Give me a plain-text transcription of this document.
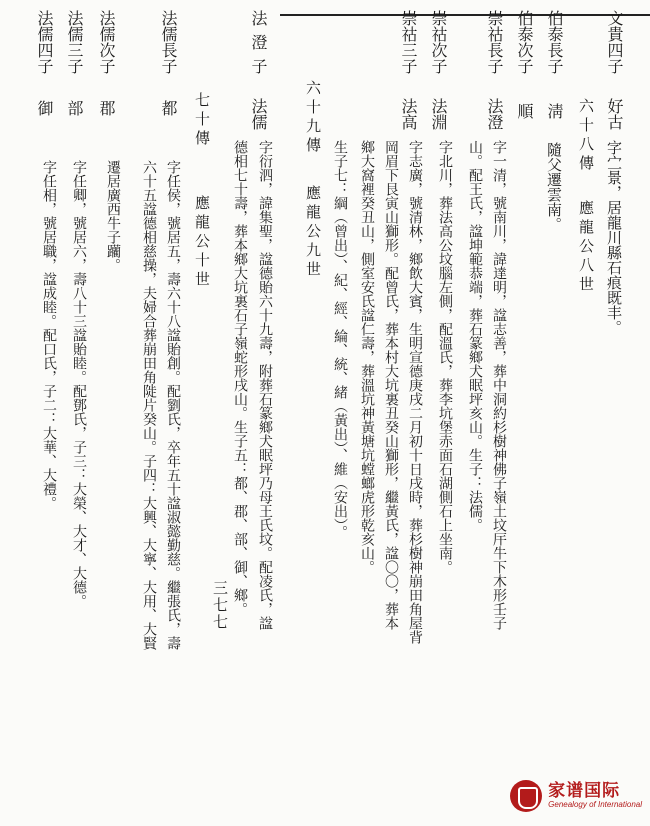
文貴四子
好古
字㝉景，居龍川縣石痕既丰。
六十八傳
應龍公八世
伯泰長子
淸
隨父遷雲南。
伯泰次子
順
崇祜長子
法澄
字一清，號南川，諱達明，諡志善，葬中洞約杉樹神佛子嶺土坟厈牛下木形壬子
山。配王氏，諡坤範恭端，葬石篆鄉犬眠坪亥山。生子：法儒。
崇祜次子
法淵
字北川，葬法高公坟腦左側，配溫氏，葬李坑堡赤面石湖側石上坐南。
崇祜三子
法高
字志廣，號清林，鄉飲大賓，生明宣德庚戌二月初十日戌時，葬杉樹神崩田角屋背
岡眉下艮寅山獅形。配曾氏，葬本村大坑裏丑癸山獅形，繼黃氏，諡〇〇，葬本
鄉大窩裡癸丑山，側室安氏諡仁壽，葬溫坑神黃塘坑螳螂虎形乾亥山。
生子七：綱（曾出）、紀、經、綸、統、緒（黃出）、維（安出）。
六十九傳
應龍公九世
法澄子
法儒
字衍泗，諱集聖，諡德貽六十九壽，附葬石篆鄉犬眠坪乃母王氏坟。配凌氏，諡
德相七十壽，葬本鄉大坑裏石子嶺蛇形戌山。生子五：都、郡、部、御、鄉。
七十傳
應龍公十世
法儒長子
都
字任侯，號居五，壽六十八諡貽創。配劉氏，卒年五十諡淑懿勤慈。繼張氏，壽
六十五諡德相慈操，夫婦合葬崩田角𨺗片癸山。子四：大興、大寧、大用、大賢
法儒次子
郡
遷居廣西牛子躪。
法儒三子
部
字任卿，號居六，壽八十三諡貽睦。配鄧氏，子三：大榮、大才、大德。
法儒四子
御
字任相，號居職，諡成睦。配口氏，子二：大華、大禮。
三七七
家谱国际
Genealogy of International
